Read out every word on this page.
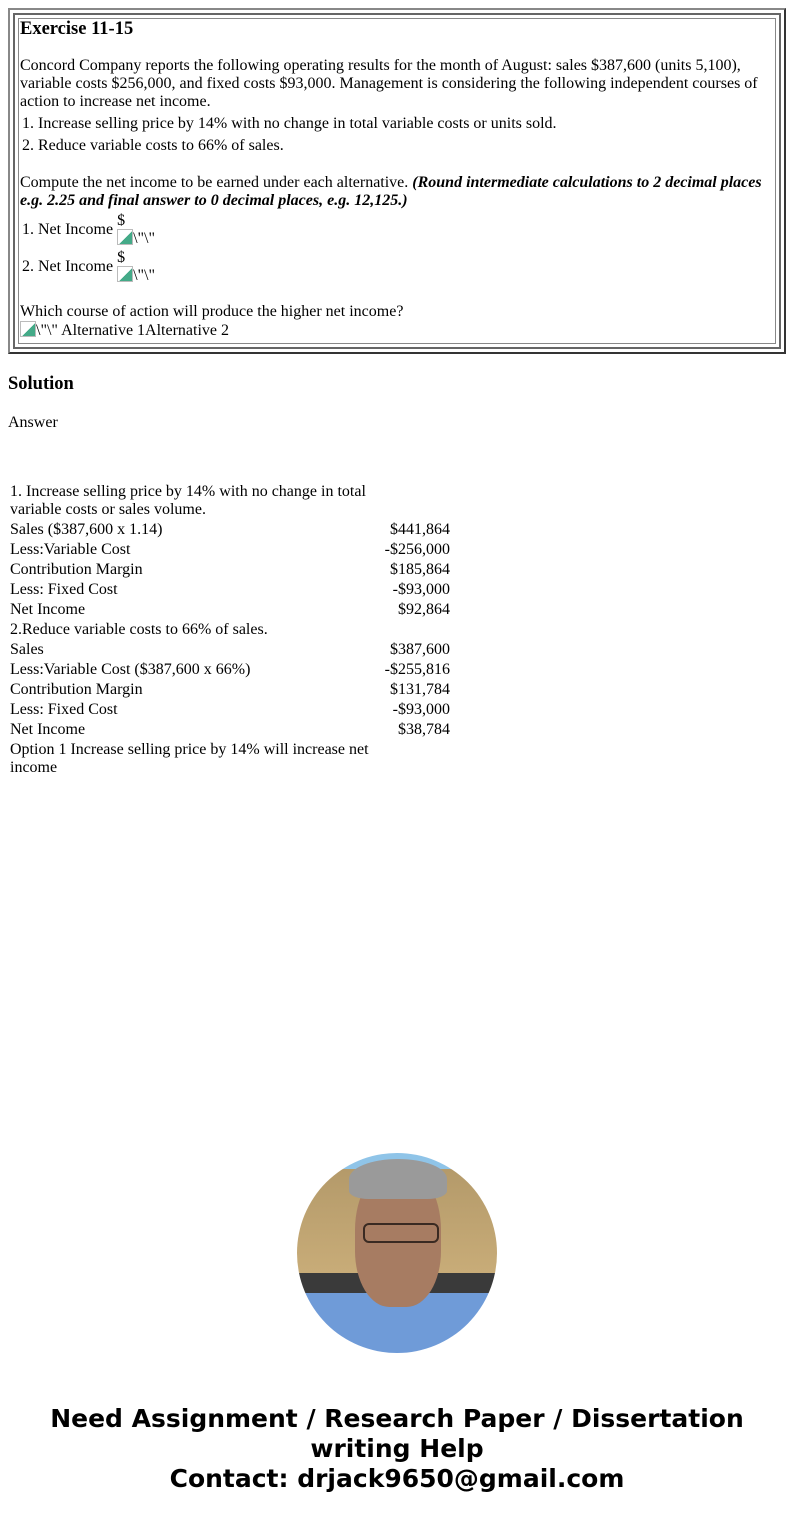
Exercise 11-15

Concord Company reports the following operating results for the month of August: sales $387,600 (units 5,100), variable costs $256,000, and fixed costs $93,000. Management is considering the following independent courses of action to increase net income.

1. Increase selling price by 14% with no change in total variable costs or units sold.
2. Reduce variable costs to 66% of sales.

Compute the net income to be earned under each alternative. (Round intermediate calculations to 2 decimal places e.g. 2.25 and final answer to 0 decimal places, e.g. 12,125.)

1. Net Income $
\"\"
2. Net Income $
\"\"

Which course of action will produce the higher net income?

\"\" Alternative 1Alternative 2
Solution
Answer
1. Increase selling price by 14% with no change in total variable costs or sales volume.	
Sales ($387,600 x 1.14)	$441,864
Less:Variable Cost	-$256,000
Contribution Margin	$185,864
Less: Fixed Cost	-$93,000
Net Income	$92,864
2.Reduce variable costs to 66% of sales.	
Sales	$387,600
Less:Variable Cost ($387,600 x 66%)	-$255,816
Contribution Margin	$131,784
Less: Fixed Cost	-$93,000
Net Income	$38,784
Option 1 Increase selling price by 14% will increase net income	
Need Assignment / Research Paper / Dissertation writing Help
Contact: drjack9650@gmail.com
